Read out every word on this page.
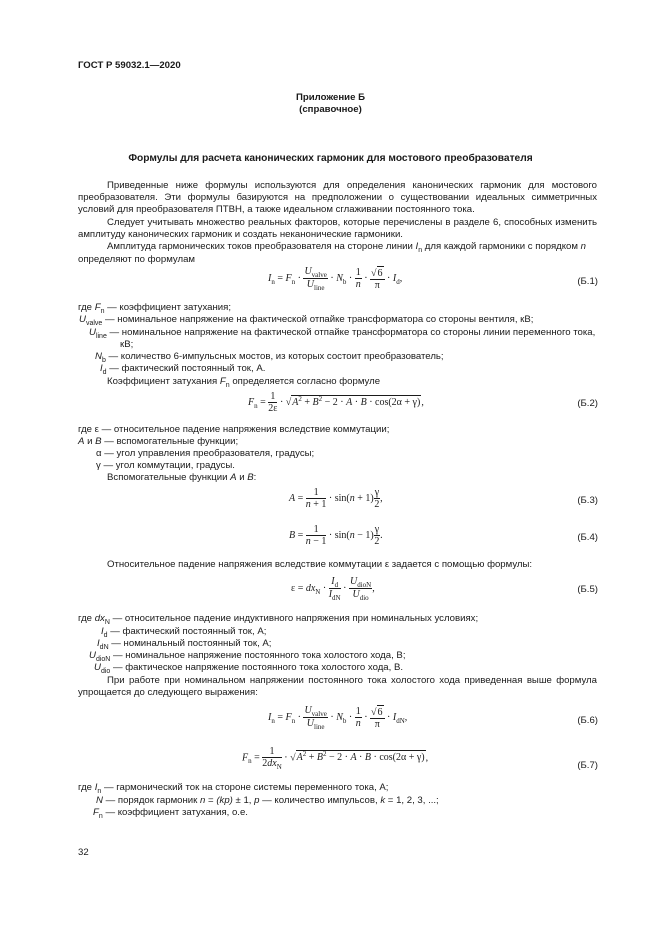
ГОСТ Р 59032.1—2020
Приложение Б
(справочное)
Формулы для расчета канонических гармоник для мостового преобразователя
Приведенные ниже формулы используются для определения канонических гармоник для мостового преобразователя. Эти формулы базируются на предположении о существовании идеальных симметричных условий для преобразователя ПТВН, а также идеальном сглаживании постоянного тока.
Следует учитывать множество реальных факторов, которые перечислены в разделе 6, способных изменить амплитуду канонических гармоник и создать неканонические гармоники.
Амплитуда гармонических токов преобразователя на стороне линии $I_n$ для каждой гармоники с порядком n
определяют по формулам
$I_n = F_n \cdot \frac{U_{valve}}{U_{line}} \cdot N_b \cdot \frac{1}{n} \cdot \frac{√6}{\pi} \cdot I_d$,	(Б.1)
где $F_n$ — коэффициент затухания;
$U_{valve}$ — номинальное напряжение на фактической отпайке трансформатора со стороны вентиля, кВ;
$U_{line}$ — номинальное напряжение на фактической отпайке трансформатора со стороны линии переменного тока,
кВ;
$N_b$ — количество 6-импульсных мостов, из которых состоит преобразователь;
$I_d$ — фактический постоянный ток, А.
Коэффициент затухания $F_n$ определяется согласно формуле
$F_n = \frac{1}{2\varepsilon} \cdot √A^2 + B^2 - 2 \cdot A \cdot B \cdot \cos(2\alpha + \gamma)$,	(Б.2)
где ε — относительное падение напряжения вследствие коммутации;
A и B — вспомогательные функции;
α — угол управления преобразователя, градусы;
γ — угол коммутации, градусы.
Вспомогательные функции A и B:
$A = \frac{1}{n + 1} \cdot \sin(n + 1) \frac{\gamma}{2}$ ,	(Б.3)
$B = \frac{1}{n - 1} \cdot \sin(n - 1) \frac{\gamma}{2}$ .	(Б.4)
Относительное падение напряжения вследствие коммутации ε задается с помощью формулы:
$\varepsilon = dx_N \cdot \frac{I_d}{I_{dN}} \cdot \frac{U_{dioN}}{U_{dio}}$ ,	(Б.5)
где $dx_N$ — относительное падение индуктивного напряжения при номинальных условиях;
$I_d$ — фактический постоянный ток, А;
$I_{dN}$ — номинальный постоянный ток, А;
$U_{dioN}$ — номинальное напряжение постоянного тока холостого хода, В;
$U_{dio}$ — фактическое напряжение постоянного тока холостого хода, В.
При работе при номинальном напряжении постоянного тока холостого хода приведенная выше формула упрощается до следующего выражения:
$I_n = F_n \cdot \frac{U_{valve}}{U_{line}} \cdot N_b \cdot \frac{1}{n} \cdot \frac{√6}{\pi} \cdot I_{dN}$,	(Б.6)
$F_n = \frac{1}{2dx_N} \cdot √A^2 + B^2 - 2 \cdot A \cdot B \cdot \cos(2\alpha + \gamma)$,
(Б.7)
где $I_n$ — гармонический ток на стороне системы переменного тока, А;
N — порядок гармоник n = (kp) ± 1, p — количество импульсов, k = 1, 2, 3, ...;
$F_n$ — коэффициент затухания, о.е.
32
